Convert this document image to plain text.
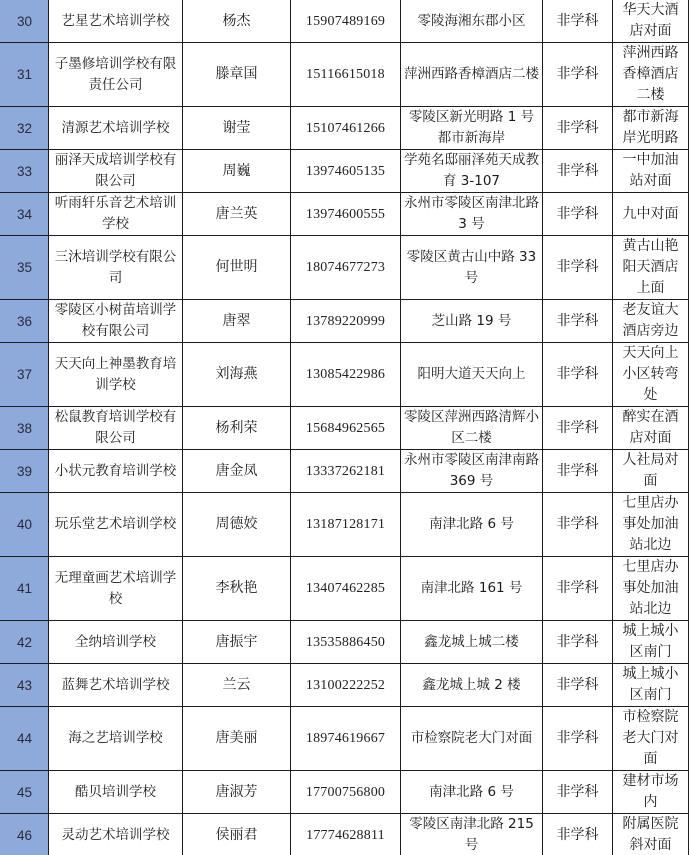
30	艺星艺术培训学校	杨杰	15907489169	零陵海湘东郡小区	非学科	华天大酒店对面
31	子墨修培训学校有限责任公司	滕章国	15116615018	萍洲西路香樟酒店二楼	非学科	萍洲西路香樟酒店二楼
32	清源艺术培训学校	谢莹	15107461266	零陵区新光明路 1 号都市新海岸	非学科	都市新海岸光明路
33	丽泽天成培训学校有限公司	周巍	13974605135	学苑名邸丽泽苑天成教育 3-107	非学科	一中加油站对面
34	听雨轩乐音艺术培训学校	唐兰英	13974600555	永州市零陵区南津北路 3 号	非学科	九中对面
35	三沐培训学校有限公司	何世明	18074677273	零陵区黄古山中路 33 号	非学科	黄古山艳阳天酒店上面
36	零陵区小树苗培训学校有限公司	唐翠	13789220999	芝山路 19 号	非学科	老友谊大酒店旁边
37	天天向上神墨教育培训学校	刘海燕	13085422986	阳明大道天天向上	非学科	天天向上小区转弯处
38	松鼠教育培训学校有限公司	杨利荣	15684962565	零陵区萍洲西路清辉小区二楼	非学科	醉实在酒店对面
39	小状元教育培训学校	唐金凤	13337262181	永州市零陵区南津南路 369 号	非学科	人社局对面
40	玩乐堂艺术培训学校	周德姣	13187128171	南津北路 6 号	非学科	七里店办事处加油站北边
41	无理童画艺术培训学校	李秋艳	13407462285	南津北路 161 号	非学科	七里店办事处加油站北边
42	全纳培训学校	唐振宇	13535886450	鑫龙城上城二楼	非学科	城上城小区南门
43	蓝舞艺术培训学校	兰云	13100222252	鑫龙城上城 2 楼	非学科	城上城小区南门
44	海之艺培训学校	唐美丽	18974619667	市检察院老大门对面	非学科	市检察院老大门对面
45	酷贝培训学校	唐淑芳	17700756800	南津北路 6 号	非学科	建材市场内
46	灵动艺术培训学校	侯丽君	17774628811	零陵区南津北路 215 号	非学科	附属医院斜对面
